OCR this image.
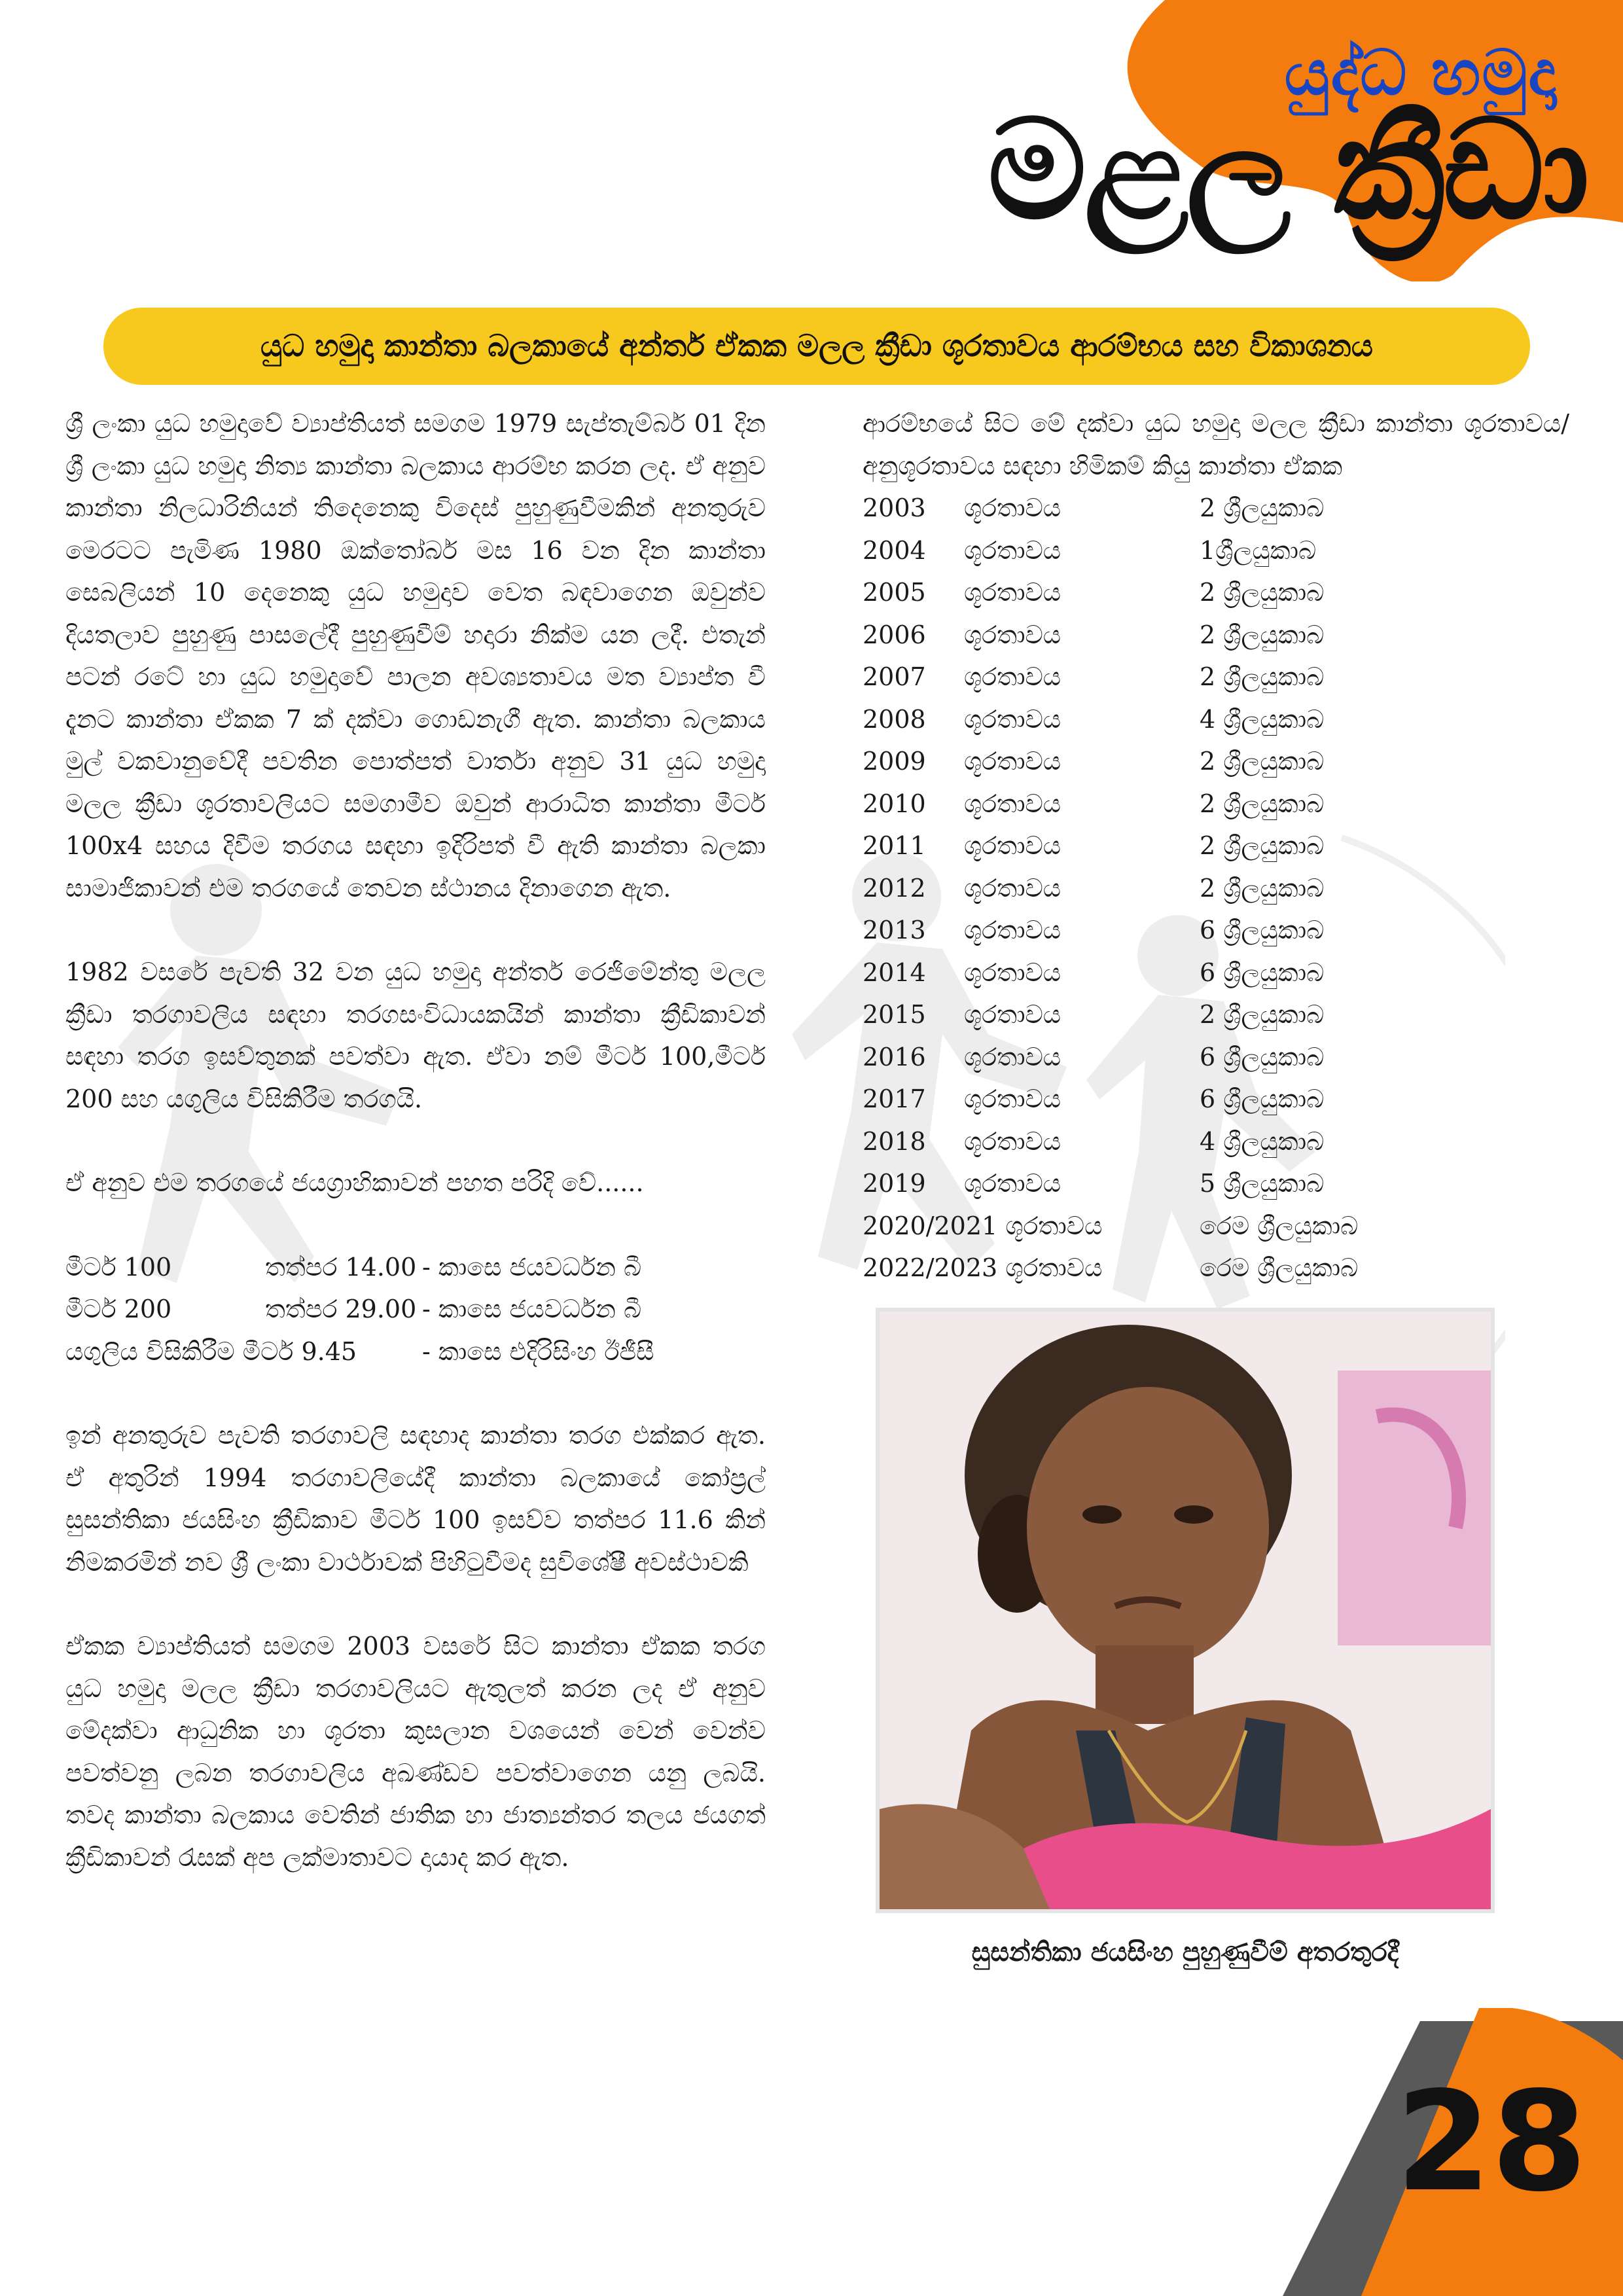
යුද්ධ හමුදා
මළල ක්‍රීඩා
යුධ හමුදා කාන්තා බලකායේ අන්තර් ඒකක මලල ක්‍රීඩා ශූරතාවය ආරම්භය සහ විකාශනය

ශ්‍රී ලංකා යුධ හමුදාවේ ව්‍යාප්තියත් සමගම 1979 සැප්තැම්බර් 01 දින ශ්‍රී ලංකා යුධ හමුදා නිත්‍ය කාන්තා බලකාය ආරම්භ කරන ලද. ඒ අනුව කාන්තා නිලධාරිනියන් තිදෙනෙකු විදෙස් පුහුණුවීමකින් අනතුරුව මෙරටට පැමිණ 1980 ඔක්තෝබර් මස 16 වන දින කාන්තා සෙබලියන් 10 දෙනෙකු යුධ හමුදාව වෙත බඳවාගෙන ඔවුන්ව දියතලාව පුහුණු පාසලේදී පුහුණුවීම් හදාරා නික්ම යන ලදී. එතැන් පටන් රටේ හා යුධ හමුදාවේ පාලන අවශ්‍යතාවය මත ව්‍යාප්ත වී දැනට කාන්තා ඒකක 7 ක් දක්වා ගොඩනැගී ඇත. කාන්තා බලකාය මුල් වකවානුවේදී පවතින පොත්පත් වාර්තා අනුව 31 යුධ හමුදා මලල ක්‍රීඩා ශූරතාවලියට සමගාමීව ඔවුන් ආරාධිත කාන්තා මීටර් 100x4 සහය දිවීම තරගය සඳහා ඉදිරිපත් වී ඇති කාන්තා බලකා සාමාජිකාවන් එම තරගයේ තෙවන ස්ථානය දිනාගෙන ඇත.

1982 වසරේ පැවති 32 වන යුධ හමුදා අන්තර් රෙජිමේන්තු මලල ක්‍රීඩා තරගාවලිය සඳහා තරගසංවිධායකයින් කාන්තා ක්‍රීඩිකාවන් සඳහා තරග ඉසව්තුනක් පවත්වා ඇත. ඒවා නම් මීටර් 100,මීටර් 200 සහ යගුලිය විසිකිරීම තරගයි.

ඒ අනුව එම තරගයේ ජයග්‍රාහිකාවන් පහත පරිදි වේ......

මීටර් 100	තත්පර 14.00	- කාසෙ ජයවර්ධන බී
මීටර් 200	තත්පර 29.00	- කාසෙ ජයවර්ධන බී
යගුලිය විසිකිරීම මීටර් 9.45		- කාසෙ එදිරිසිංහ ඊජීසී

ඉන් අනතුරුව පැවති තරගාවලි සඳහාද කාන්තා තරග එක්කර ඇත. ඒ අතුරින් 1994 තරගාවලියේදී කාන්තා බලකායේ කෝප්‍රල් සුසන්තිකා ජයසිංහ ක්‍රීඩිකාව මීටර් 100 ඉසව්ව තත්පර 11.6 කින් නිමකරමින් නව ශ්‍රී ලංකා වාර්ථාවක් පිහිටුවීමද සුවිශේෂී අවස්ථාවකි

ඒකක ව්‍යාප්තියත් සමගම 2003 වසරේ සිට කාන්තා ඒකක තරග යුධ හමුදා මලල ක්‍රීඩා තරගාවලියට ඇතුලත් කරන ලද ඒ අනුව මේදක්වා ආධුනික හා ශූරතා කුසලාන වශයෙන් වෙන් වෙන්ව පවත්වනු ලබන තරගාවලිය අඛණ්ඩව පවත්වාගෙන යනු ලබයි. තවද කාන්තා බලකාය වෙතින් ජාතික හා ජාත්‍යන්තර තලය ජයගත් ක්‍රීඩිකාවන් රැසක් අප ලක්මාතාවට දායාද කර ඇත.

ආරම්භයේ සිට මේ දක්වා යුධ හමුදා මලල ක්‍රීඩා කාන්තා ශූරතාවය/ අනුශූරතාවය සඳහා හිමිකම් කියු කාන්තා ඒකක

2003	ශූරතාවය	2 ශ්‍රීලයුකාබ
2004	ශූරතාවය	1ශ්‍රීලයුකාබ
2005	ශූරතාවය	2 ශ්‍රීලයුකාබ
2006	ශූරතාවය	2 ශ්‍රීලයුකාබ
2007	ශූරතාවය	2 ශ්‍රීලයුකාබ
2008	ශූරතාවය	4 ශ්‍රීලයුකාබ
2009	ශූරතාවය	2 ශ්‍රීලයුකාබ
2010	ශූරතාවය	2 ශ්‍රීලයුකාබ
2011	ශූරතාවය	2 ශ්‍රීලයුකාබ
2012	ශූරතාවය	2 ශ්‍රීලයුකාබ
2013	ශූරතාවය	6 ශ්‍රීලයුකාබ
2014	ශූරතාවය	6 ශ්‍රීලයුකාබ
2015	ශූරතාවය	2 ශ්‍රීලයුකාබ
2016	ශූරතාවය	6 ශ්‍රීලයුකාබ
2017	ශූරතාවය	6 ශ්‍රීලයුකාබ
2018	ශූරතාවය	4 ශ්‍රීලයුකාබ
2019	ශූරතාවය	5 ශ්‍රීලයුකාබ
2020/2021 ශූරතාවය		රෙම ශ්‍රීලයුකාබ
2022/2023 ශූරතාවය		රෙම ශ්‍රීලයුකාබ
සුසන්තිකා ජයසිංහ පුහුණුවීම් අතරතුරදී
28
